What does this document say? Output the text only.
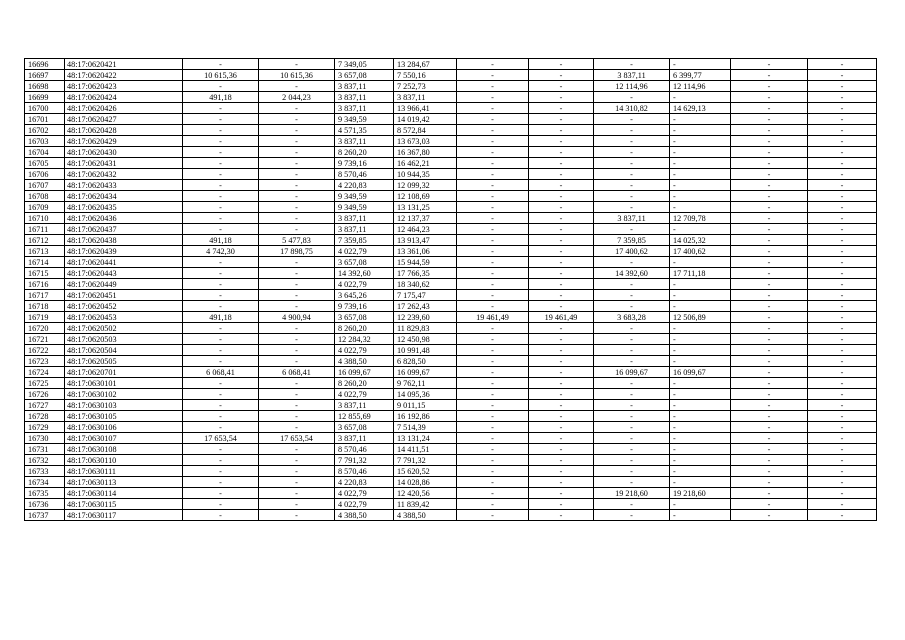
16696	48:17:0620421	-	-	7 349,05	13 284,67	-	-	-	-	-	-
16697	48:17:0620422	10 615,36	10 615,36	3 657,08	7 550,16	-	-	3 837,11	6 399,77	-	-
16698	48:17:0620423	-	-	3 837,11	7 252,73	-	-	12 114,96	12 114,96	-	-
16699	48:17:0620424	491,18	2 044,23	3 837,11	3 837,11	-	-	-	-	-	-
16700	48:17:0620426	-	-	3 837,11	13 966,41	-	-	14 310,82	14 629,13	-	-
16701	48:17:0620427	-	-	9 349,59	14 019,42	-	-	-	-	-	-
16702	48:17:0620428	-	-	4 571,35	8 572,84	-	-	-	-	-	-
16703	48:17:0620429	-	-	3 837,11	13 673,03	-	-	-	-	-	-
16704	48:17:0620430	-	-	8 260,20	16 367,80	-	-	-	-	-	-
16705	48:17:0620431	-	-	9 739,16	16 462,21	-	-	-	-	-	-
16706	48:17:0620432	-	-	8 570,46	10 944,35	-	-	-	-	-	-
16707	48:17:0620433	-	-	4 220,83	12 099,32	-	-	-	-	-	-
16708	48:17:0620434	-	-	9 349,59	12 108,69	-	-	-	-	-	-
16709	48:17:0620435	-	-	9 349,59	13 131,25	-	-	-	-	-	-
16710	48:17:0620436	-	-	3 837,11	12 137,37	-	-	3 837,11	12 709,78	-	-
16711	48:17:0620437	-	-	3 837,11	12 464,23	-	-	-	-	-	-
16712	48:17:0620438	491,18	5 477,83	7 359,85	13 913,47	-	-	7 359,85	14 025,32	-	-
16713	48:17:0620439	4 742,30	17 898,75	4 022,79	13 361,06	-	-	17 400,62	17 400,62	-	-
16714	48:17:0620441	-	-	3 657,08	15 944,59	-	-	-	-	-	-
16715	48:17:0620443	-	-	14 392,60	17 766,35	-	-	14 392,60	17 711,18	-	-
16716	48:17:0620449	-	-	4 022,79	18 340,62	-	-	-	-	-	-
16717	48:17:0620451	-	-	3 645,26	7 175,47	-	-	-	-	-	-
16718	48:17:0620452	-	-	9 739,16	17 262,43	-	-	-	-	-	-
16719	48:17:0620453	491,18	4 900,94	3 657,08	12 239,60	19 461,49	19 461,49	3 683,28	12 506,89	-	-
16720	48:17:0620502	-	-	8 260,20	11 829,83	-	-	-	-	-	-
16721	48:17:0620503	-	-	12 284,32	12 450,98	-	-	-	-	-	-
16722	48:17:0620504	-	-	4 022,79	10 991,48	-	-	-	-	-	-
16723	48:17:0620505	-	-	4 388,50	6 828,50	-	-	-	-	-	-
16724	48:17:0620701	6 068,41	6 068,41	16 099,67	16 099,67	-	-	16 099,67	16 099,67	-	-
16725	48:17:0630101	-	-	8 260,20	9 762,11	-	-	-	-	-	-
16726	48:17:0630102	-	-	4 022,79	14 095,36	-	-	-	-	-	-
16727	48:17:0630103	-	-	3 837,11	9 011,15	-	-	-	-	-	-
16728	48:17:0630105	-	-	12 855,69	16 192,86	-	-	-	-	-	-
16729	48:17:0630106	-	-	3 657,08	7 514,39	-	-	-	-	-	-
16730	48:17:0630107	17 653,54	17 653,54	3 837,11	13 131,24	-	-	-	-	-	-
16731	48:17:0630108	-	-	8 570,46	14 411,51	-	-	-	-	-	-
16732	48:17:0630110	-	-	7 791,32	7 791,32	-	-	-	-	-	-
16733	48:17:0630111	-	-	8 570,46	15 620,52	-	-	-	-	-	-
16734	48:17:0630113	-	-	4 220,83	14 028,86	-	-	-	-	-	-
16735	48:17:0630114	-	-	4 022,79	12 420,56	-	-	19 218,60	19 218,60	-	-
16736	48:17:0630115	-	-	4 022,79	11 839,42	-	-	-	-	-	-
16737	48:17:0630117	-	-	4 388,50	4 388,50	-	-	-	-	-	-
